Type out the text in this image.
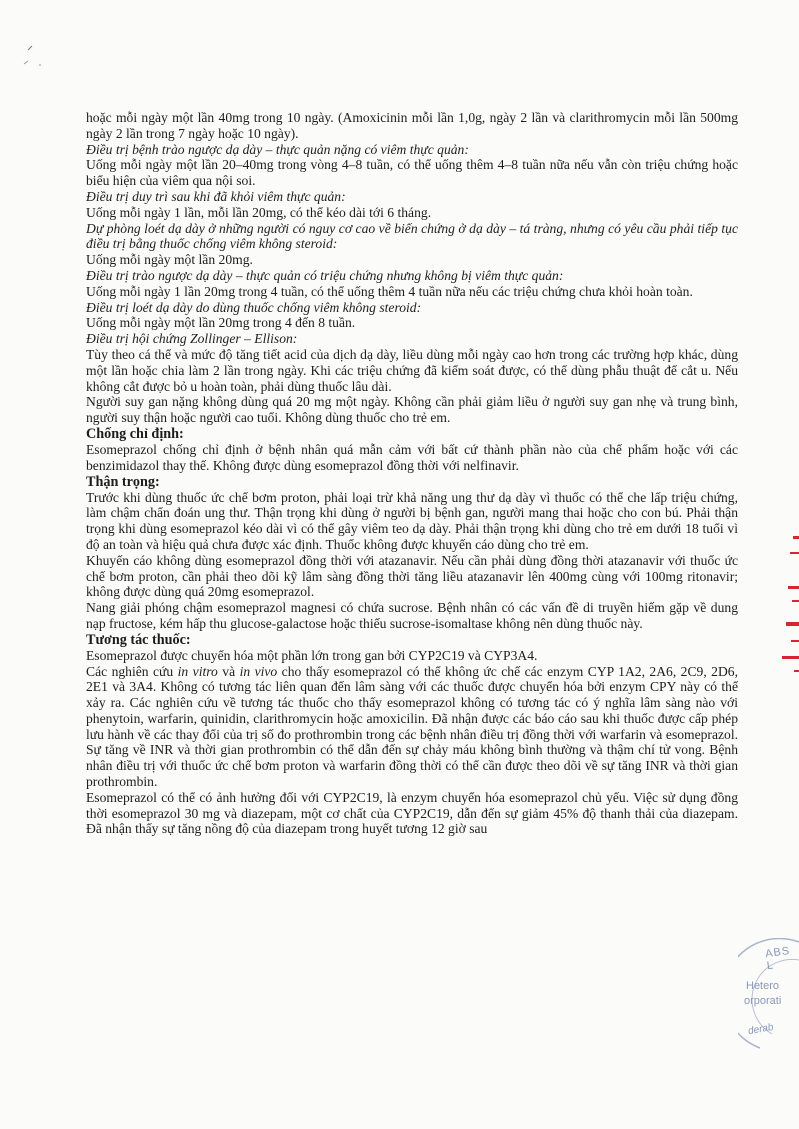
hoặc mỗi ngày một lần 40mg trong 10 ngày. (Amoxicinin mỗi lần 1,0g, ngày 2 lần và clarithromycin mỗi lần 500mg ngày 2 lần trong 7 ngày hoặc 10 ngày).

Điều trị bệnh trào ngược dạ dày – thực quản nặng có viêm thực quản:

Uống mỗi ngày một lần 20–40mg trong vòng 4–8 tuần, có thể uống thêm 4–8 tuần nữa nếu vẫn còn triệu chứng hoặc biểu hiện của viêm qua nội soi.

Điều trị duy trì sau khi đã khỏi viêm thực quản:

Uống mỗi ngày 1 lần, mỗi lần 20mg, có thể kéo dài tới 6 tháng.

Dự phòng loét dạ dày ở những người có nguy cơ cao về biến chứng ở dạ dày – tá tràng, nhưng có yêu cầu phải tiếp tục điều trị bằng thuốc chống viêm không steroid:

Uống mỗi ngày một lần 20mg.

Điều trị trào ngược dạ dày – thực quản có triệu chứng nhưng không bị viêm thực quản:

Uống mỗi ngày 1 lần 20mg trong 4 tuần, có thể uống thêm 4 tuần nữa nếu các triệu chứng chưa khỏi hoàn toàn.

Điều trị loét dạ dày do dùng thuốc chống viêm không steroid:

Uống mỗi ngày một lần 20mg trong 4 đến 8 tuần.

Điều trị hội chứng Zollinger – Ellison:

Tùy theo cá thể và mức độ tăng tiết acid của dịch dạ dày, liều dùng mỗi ngày cao hơn trong các trường hợp khác, dùng một lần hoặc chia làm 2 lần trong ngày. Khi các triệu chứng đã kiểm soát được, có thể dùng phẫu thuật để cắt u. Nếu không cắt được bỏ u hoàn toàn, phải dùng thuốc lâu dài.

Người suy gan nặng không dùng quá 20 mg một ngày. Không cần phải giảm liều ở người suy gan nhẹ và trung bình, người suy thận hoặc người cao tuổi. Không dùng thuốc cho trẻ em.

Chống chỉ định:

Esomeprazol chống chỉ định ở bệnh nhân quá mẫn cảm với bất cứ thành phần nào của chế phẩm hoặc với các benzimidazol thay thế. Không được dùng esomeprazol đồng thời với nelfinavir.

Thận trọng:

Trước khi dùng thuốc ức chế bơm proton, phải loại trừ khả năng ung thư dạ dày vì thuốc có thể che lấp triệu chứng, làm chậm chẩn đoán ung thư. Thận trọng khi dùng ở người bị bệnh gan, người mang thai hoặc cho con bú. Phải thận trọng khi dùng esomeprazol kéo dài vì có thể gây viêm teo dạ dày. Phải thận trọng khi dùng cho trẻ em dưới 18 tuổi vì độ an toàn và hiệu quả chưa được xác định. Thuốc không được khuyến cáo dùng cho trẻ em.

Khuyến cáo không dùng esomeprazol đồng thời với atazanavir. Nếu cần phải dùng đồng thời atazanavir với thuốc ức chế bơm proton, cần phải theo dõi kỹ lâm sàng đồng thời tăng liều atazanavir lên 400mg cùng với 100mg ritonavir; không được dùng quá 20mg esomeprazol.

Nang giải phóng chậm esomeprazol magnesi có chứa sucrose. Bệnh nhân có các vấn đề di truyền hiếm gặp về dung nạp fructose, kém hấp thu glucose-galactose hoặc thiếu sucrose-isomaltase không nên dùng thuốc này.

Tương tác thuốc:

Esomeprazol được chuyển hóa một phần lớn trong gan bởi CYP2C19 và CYP3A4.

Các nghiên cứu in vitro và in vivo cho thấy esomeprazol có thể không ức chế các enzym CYP 1A2, 2A6, 2C9, 2D6, 2E1 và 3A4. Không có tương tác liên quan đến lâm sàng với các thuốc được chuyển hóa bởi enzym CPY này có thể xảy ra. Các nghiên cứu về tương tác thuốc cho thấy esomeprazol không có tương tác có ý nghĩa lâm sàng nào với phenytoin, warfarin, quinidin, clarithromycin hoặc amoxicilin. Đã nhận được các báo cáo sau khi thuốc được cấp phép lưu hành về các thay đổi của trị số đo prothrombin trong các bệnh nhân điều trị đồng thời với warfarin và esomeprazol. Sự tăng về INR và thời gian prothrombin có thể dẫn đến sự chảy máu không bình thường và thậm chí tử vong. Bệnh nhân điều trị với thuốc ức chế bơm proton và warfarin đồng thời có thể cần được theo dõi về sự tăng INR và thời gian prothrombin.

Esomeprazol có thể có ảnh hưởng đối với CYP2C19, là enzym chuyển hóa esomeprazol chủ yếu. Việc sử dụng đồng thời esomeprazol 30 mg và diazepam, một cơ chất của CYP2C19, dẫn đến sự giảm 45% độ thanh thải của diazepam. Đã nhận thấy sự tăng nồng độ của diazepam trong huyết tương 12 giờ sau

ABS L
Hetero
orporati
derab
